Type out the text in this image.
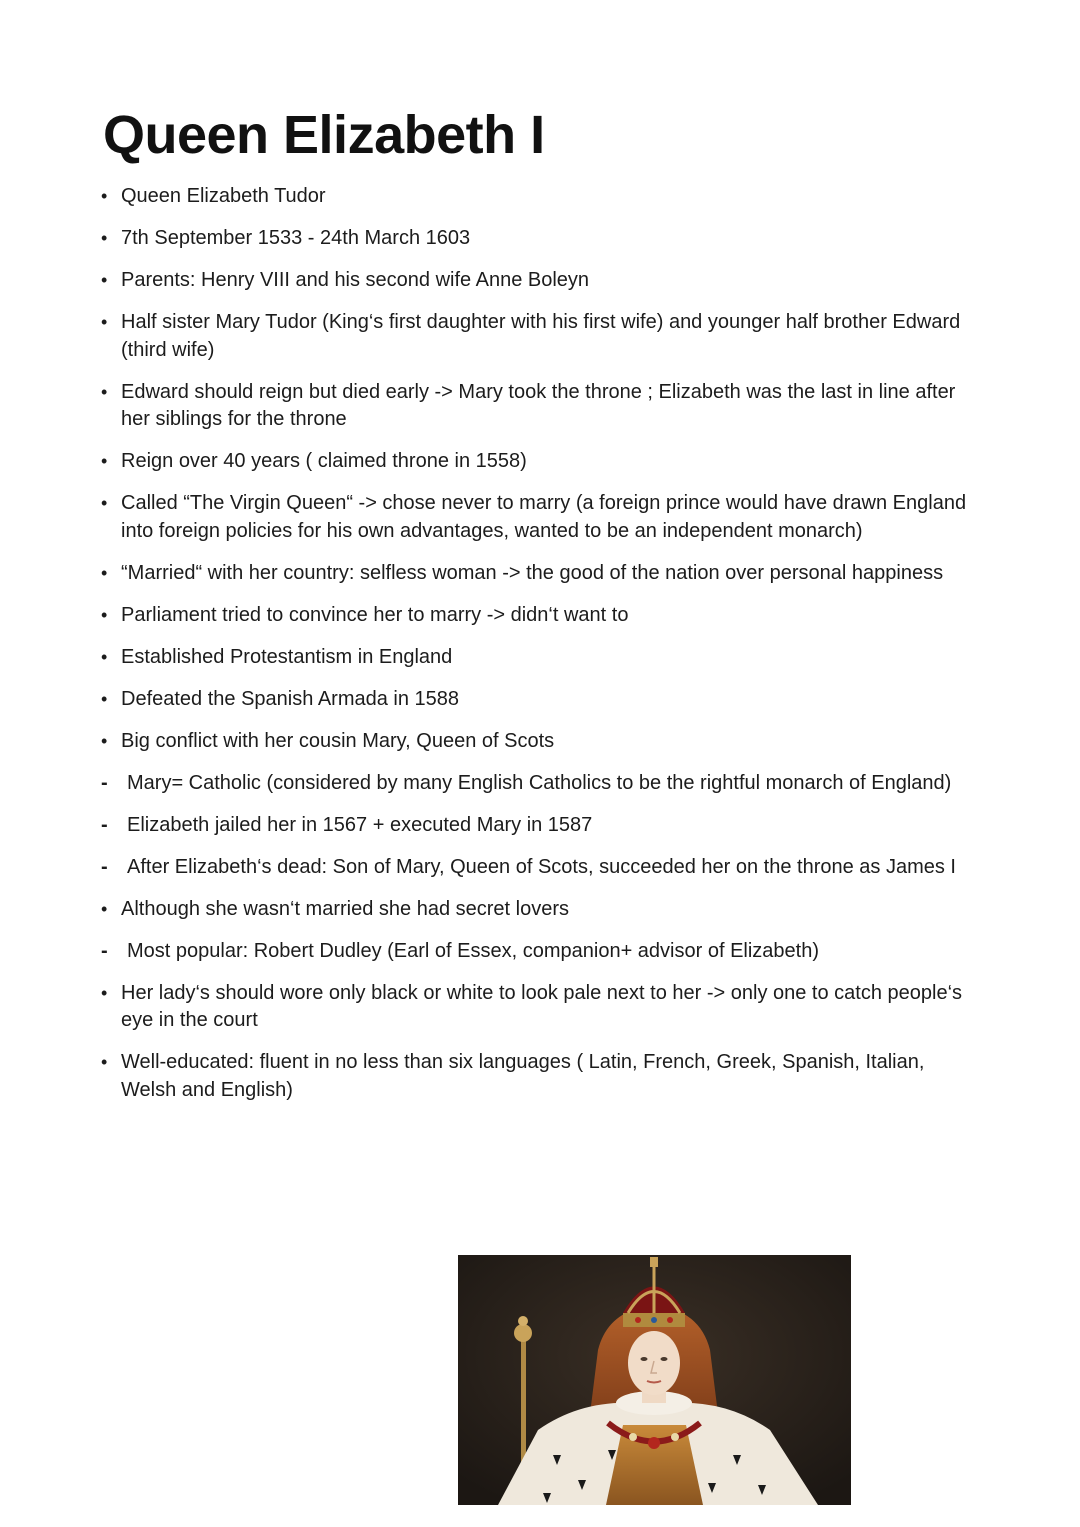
Queen Elizabeth I
• Queen Elizabeth Tudor
• 7th September 1533 - 24th March 1603
• Parents: Henry VIII and his second wife Anne Boleyn
• Half sister Mary Tudor (King‘s first daughter with his first wife) and younger half brother Edward (third wife)
• Edward should reign but died early -> Mary took the throne ; Elizabeth was the last in line after her siblings for the throne
• Reign over 40 years ( claimed throne in 1558)
• Called “The Virgin Queen“ -> chose never to marry (a foreign prince would have drawn England into foreign policies for his own advantages, wanted to be an independent monarch)
• “Married“ with her country: selfless woman -> the good of the nation over personal happiness
• Parliament tried to convince her to marry -> didn‘t want to
• Established Protestantism in England
• Defeated the Spanish Armada in 1588
• Big conflict with her cousin Mary, Queen of Scots
- Mary= Catholic (considered by many English Catholics to be the rightful monarch of England)
- Elizabeth jailed her in 1567 + executed Mary in 1587
- After Elizabeth‘s dead: Son of Mary, Queen of Scots, succeeded her on the throne as James I
• Although she wasn‘t married she had secret lovers
- Most popular: Robert Dudley (Earl of Essex, companion+ advisor of Elizabeth)
• Her lady‘s should wore only black or white to look pale next to her -> only one to catch people‘s eye in the court
• Well-educated: fluent in no less than six languages ( Latin, French, Greek, Spanish, Italian, Welsh and English)
